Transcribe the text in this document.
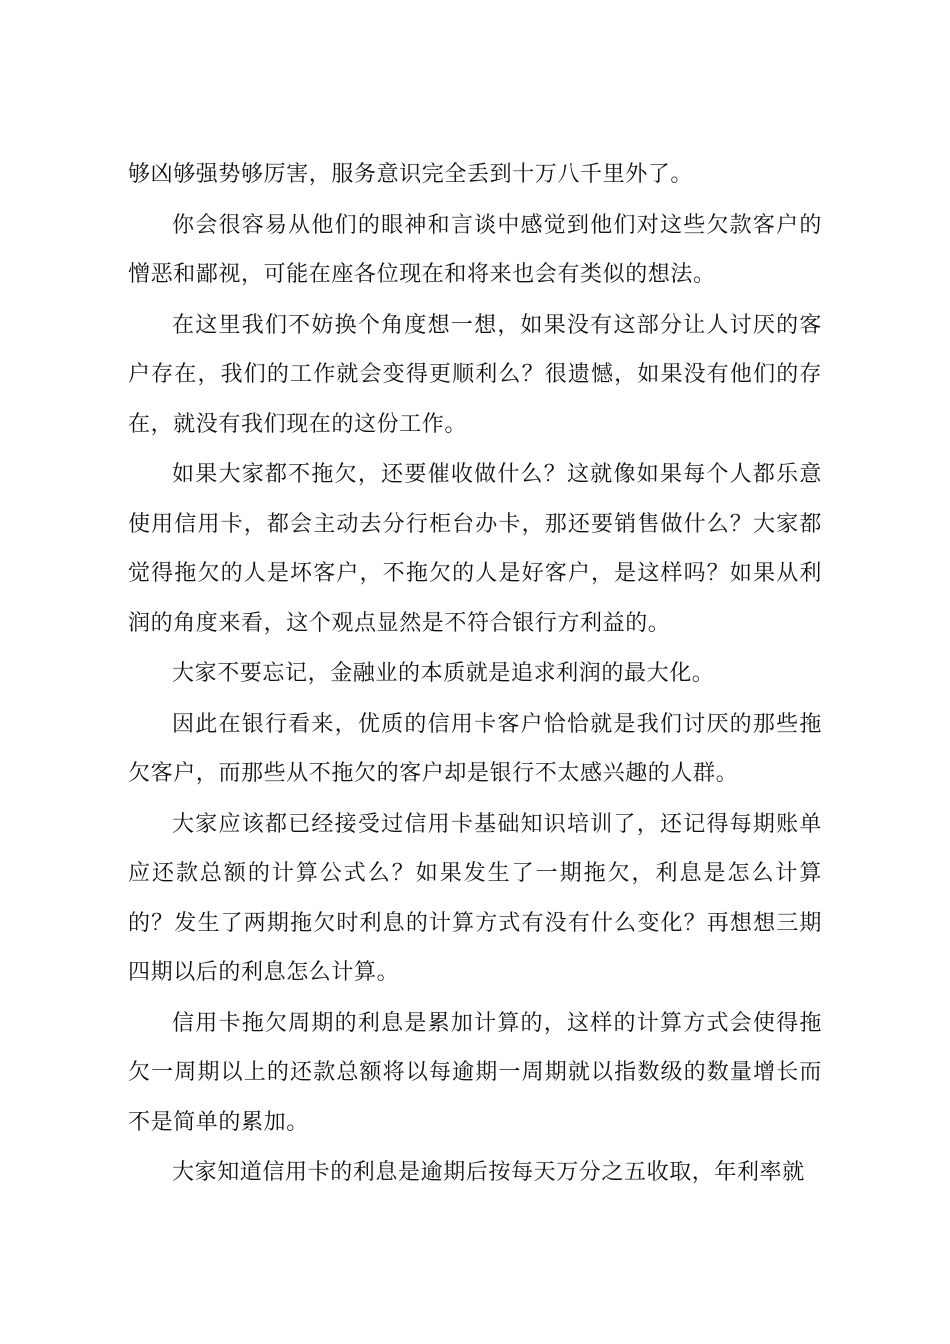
够凶够强势够厉害，服务意识完全丢到十万八千里外了。

你会很容易从他们的眼神和言谈中感觉到他们对这些欠款客户的憎恶和鄙视，可能在座各位现在和将来也会有类似的想法。

在这里我们不妨换个角度想一想，如果没有这部分让人讨厌的客户存在，我们的工作就会变得更顺利么？很遗憾，如果没有他们的存在，就没有我们现在的这份工作。

如果大家都不拖欠，还要催收做什么？这就像如果每个人都乐意使用信用卡，都会主动去分行柜台办卡，那还要销售做什么？大家都觉得拖欠的人是坏客户，不拖欠的人是好客户，是这样吗？如果从利润的角度来看，这个观点显然是不符合银行方利益的。

大家不要忘记，金融业的本质就是追求利润的最大化。

因此在银行看来，优质的信用卡客户恰恰就是我们讨厌的那些拖欠客户，而那些从不拖欠的客户却是银行不太感兴趣的人群。

大家应该都已经接受过信用卡基础知识培训了，还记得每期账单应还款总额的计算公式么？如果发生了一期拖欠，利息是怎么计算的？发生了两期拖欠时利息的计算方式有没有什么变化？再想想三期四期以后的利息怎么计算。

信用卡拖欠周期的利息是累加计算的，这样的计算方式会使得拖欠一周期以上的还款总额将以每逾期一周期就以指数级的数量增长而不是简单的累加。

大家知道信用卡的利息是逾期后按每天万分之五收取，年利率就
